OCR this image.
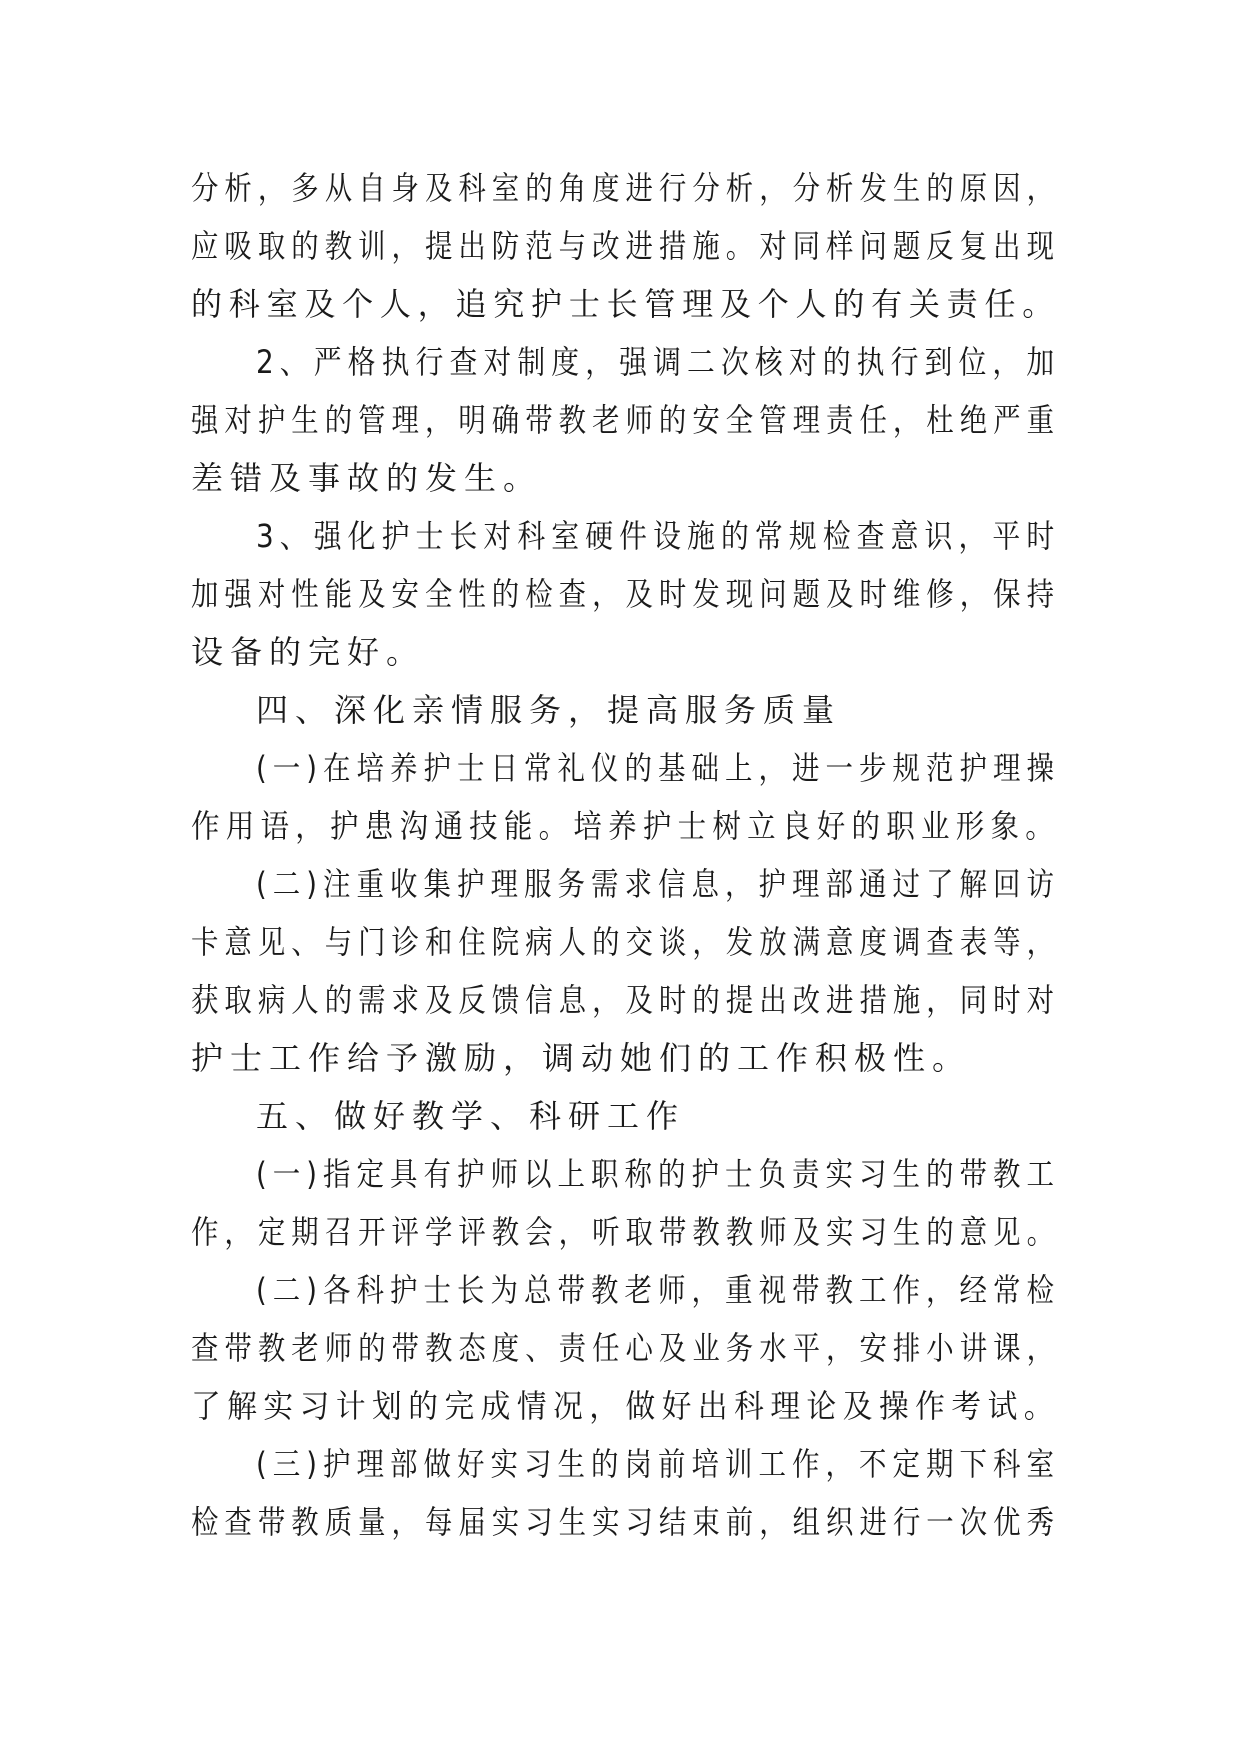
分析，多从自身及科室的角度进行分析，分析发生的原因，
应吸取的教训，提出防范与改进措施。对同样问题反复出现
的科室及个人，追究护士长管理及个人的有关责任。
2、严格执行查对制度，强调二次核对的执行到位，加
强对护生的管理，明确带教老师的安全管理责任，杜绝严重
差错及事故的发生。
3、强化护士长对科室硬件设施的常规检查意识，平时
加强对性能及安全性的检查，及时发现问题及时维修，保持
设备的完好。
四、深化亲情服务，提高服务质量
(一)在培养护士日常礼仪的基础上，进一步规范护理操
作用语，护患沟通技能。培养护士树立良好的职业形象。
(二)注重收集护理服务需求信息，护理部通过了解回访
卡意见、与门诊和住院病人的交谈，发放满意度调查表等，
获取病人的需求及反馈信息，及时的提出改进措施，同时对
护士工作给予激励，调动她们的工作积极性。
五、做好教学、科研工作
(一)指定具有护师以上职称的护士负责实习生的带教工
作，定期召开评学评教会，听取带教教师及实习生的意见。
(二)各科护士长为总带教老师，重视带教工作，经常检
查带教老师的带教态度、责任心及业务水平，安排小讲课，
了解实习计划的完成情况，做好出科理论及操作考试。
(三)护理部做好实习生的岗前培训工作，不定期下科室
检查带教质量，每届实习生实习结束前，组织进行一次优秀
